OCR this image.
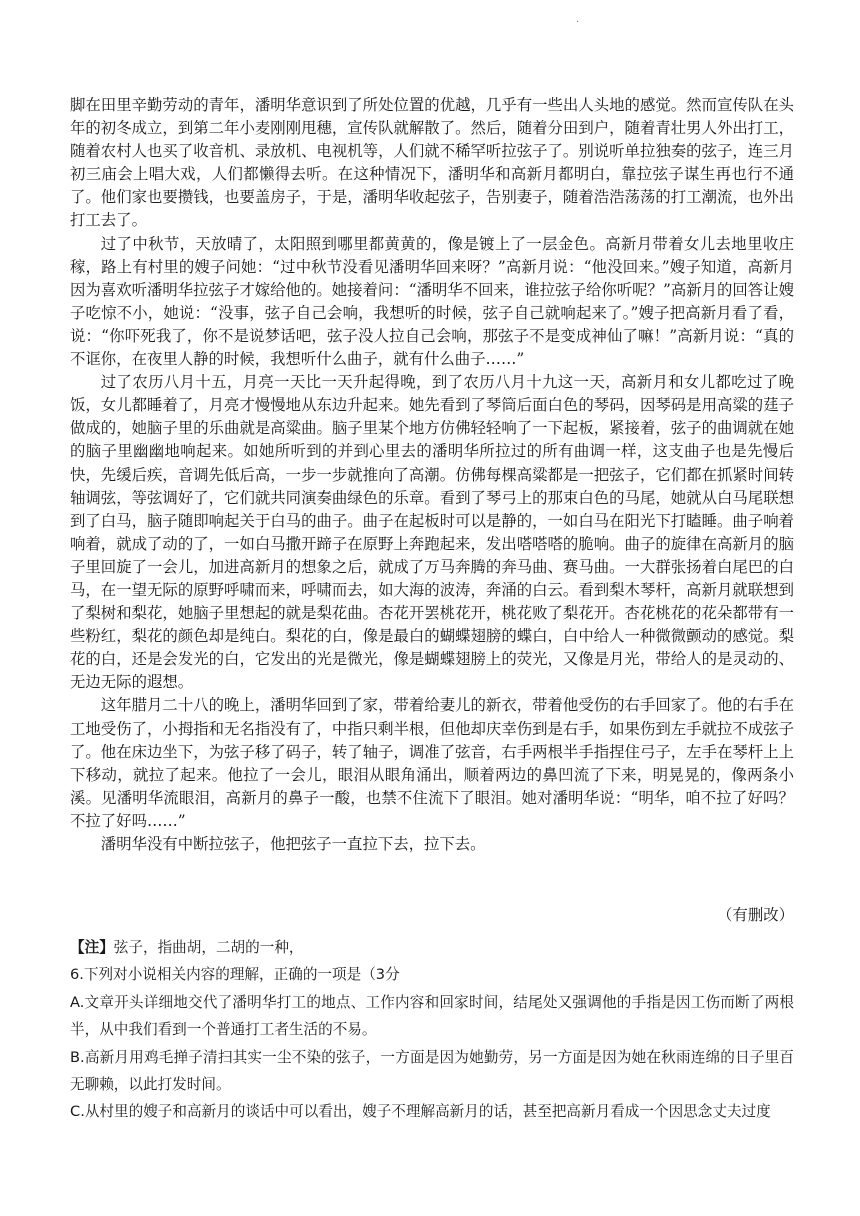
.

脚在田里辛勤劳动的青年，潘明华意识到了所处位置的优越，几乎有一些出人头地的感觉。然而宣传队在头年的初冬成立，到第二年小麦刚刚甩穗，宣传队就解散了。然后，随着分田到户，随着青壮男人外出打工，随着农村人也买了收音机、录放机、电视机等，人们就不稀罕听拉弦子了。别说听单拉独奏的弦子，连三月初三庙会上唱大戏，人们都懒得去听。在这种情况下，潘明华和高新月都明白，靠拉弦子谋生再也行不通了。他们家也要攒钱，也要盖房子，于是，潘明华收起弦子，告别妻子，随着浩浩荡荡的打工潮流，也外出打工去了。

过了中秋节，天放晴了，太阳照到哪里都黄黄的，像是镀上了一层金色。高新月带着女儿去地里收庄稼，路上有村里的嫂子问她：“过中秋节没看见潘明华回来呀？”高新月说：“他没回来。”嫂子知道，高新月因为喜欢听潘明华拉弦子才嫁给他的。她接着问：“潘明华不回来，谁拉弦子给你听呢？”高新月的回答让嫂子吃惊不小，她说：“没事，弦子自己会响，我想听的时候，弦子自己就响起来了。”嫂子把高新月看了看，说：“你吓死我了，你不是说梦话吧，弦子没人拉自己会响，那弦子不是变成神仙了嘛！”高新月说：“真的不诓你，在夜里人静的时候，我想听什么曲子，就有什么曲子……”

过了农历八月十五，月亮一天比一天升起得晚，到了农历八月十九这一天，高新月和女儿都吃过了晚饭，女儿都睡着了，月亮才慢慢地从东边升起来。她先看到了琴筒后面白色的琴码，因琴码是用高粱的莛子做成的，她脑子里的乐曲就是高粱曲。脑子里某个地方仿佛轻轻响了一下起板，紧接着，弦子的曲调就在她的脑子里幽幽地响起来。如她所听到的并到心里去的潘明华所拉过的所有曲调一样，这支曲子也是先慢后快，先缓后疾，音调先低后高，一步一步就推向了高潮。仿佛每棵高粱都是一把弦子，它们都在抓紧时间转轴调弦，等弦调好了，它们就共同演奏曲绿色的乐章。看到了琴弓上的那束白色的马尾，她就从白马尾联想到了白马，脑子随即响起关于白马的曲子。曲子在起板时可以是静的，一如白马在阳光下打瞌睡。曲子响着响着，就成了动的了，一如白马撒开蹄子在原野上奔跑起来，发出嗒嗒嗒的脆响。曲子的旋律在高新月的脑子里回旋了一会儿，加进高新月的想象之后，就成了万马奔腾的奔马曲、赛马曲。一大群张扬着白尾巴的白马，在一望无际的原野呼啸而来，呼啸而去，如大海的波涛，奔涌的白云。看到梨木琴杆，高新月就联想到了梨树和梨花，她脑子里想起的就是梨花曲。杏花开罢桃花开，桃花败了梨花开。杏花桃花的花朵都带有一些粉红，梨花的颜色却是纯白。梨花的白，像是最白的蝴蝶翅膀的蝶白，白中给人一种微微颤动的感觉。梨花的白，还是会发光的白，它发出的光是微光，像是蝴蝶翅膀上的荧光，又像是月光，带给人的是灵动的、无边无际的遐想。

这年腊月二十八的晚上，潘明华回到了家，带着给妻儿的新衣，带着他受伤的右手回家了。他的右手在工地受伤了，小拇指和无名指没有了，中指只剩半根，但他却庆幸伤到是右手，如果伤到左手就拉不成弦子了。他在床边坐下，为弦子移了码子，转了轴子，调准了弦音，右手两根半手指捏住弓子，左手在琴杆上上下移动，就拉了起来。他拉了一会儿，眼泪从眼角涌出，顺着两边的鼻凹流了下来，明晃晃的，像两条小溪。见潘明华流眼泪，高新月的鼻子一酸，也禁不住流下了眼泪。她对潘明华说：“明华，咱不拉了好吗？不拉了好吗……”

潘明华没有中断拉弦子，他把弦子一直拉下去，拉下去。

（有删改）

【注】弦子，指曲胡，二胡的一种，

6.下列对小说相关内容的理解，正确的一项是（3分

A.文章开头详细地交代了潘明华打工的地点、工作内容和回家时间，结尾处又强调他的手指是因工伤而断了两根半，从中我们看到一个普通打工者生活的不易。

B.高新月用鸡毛掸子清扫其实一尘不染的弦子，一方面是因为她勤劳，另一方面是因为她在秋雨连绵的日子里百无聊赖，以此打发时间。

C.从村里的嫂子和高新月的谈话中可以看出，嫂子不理解高新月的话，甚至把高新月看成一个因思念丈夫过度
